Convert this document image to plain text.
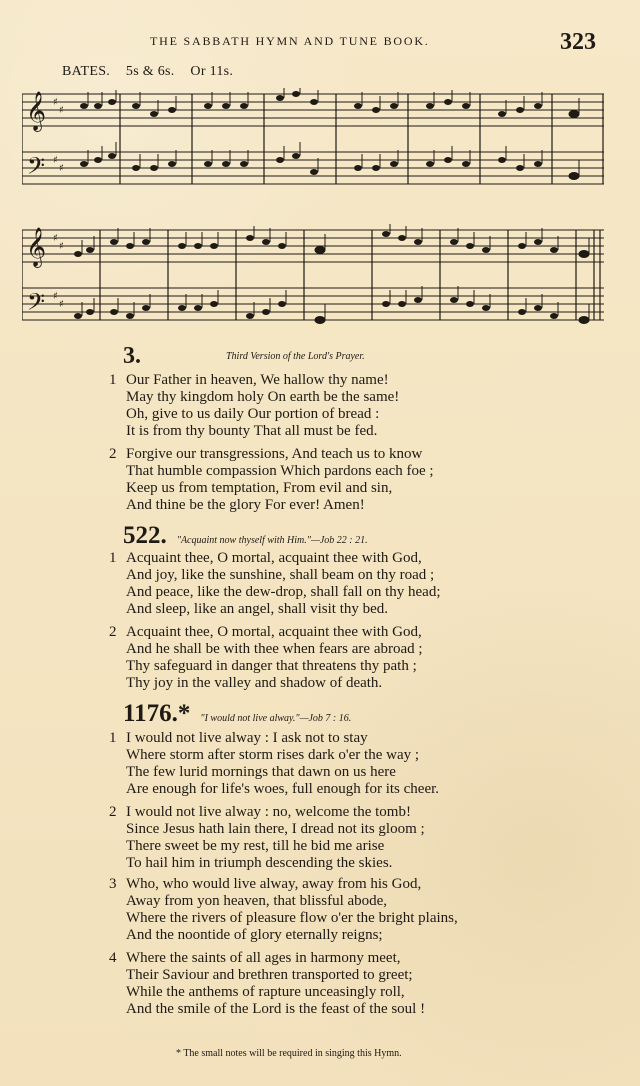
THE SABBATH HYMN AND TUNE BOOK.	323
BATES. 5s & 6s. Or 11s.
𝄞
𝄢
♯
♯
♯
♯
𝄞
𝄢
♯
♯
♯
♯
3.	Third Version of the Lord's Prayer.
1 Our Father in heaven, We hallow thy name!
May thy kingdom holy On earth be the same!
Oh, give to us daily Our portion of bread :
It is from thy bounty That all must be fed.
2 Forgive our transgressions, And teach us to know
That humble compassion Which pardons each foe ;
Keep us from temptation, From evil and sin,
And thine be the glory For ever! Amen!
522. "Acquaint now thyself with Him."—Job 22 : 21.
1 Acquaint thee, O mortal, acquaint thee with God,
And joy, like the sunshine, shall beam on thy road ;
And peace, like the dew-drop, shall fall on thy head;
And sleep, like an angel, shall visit thy bed.
2 Acquaint thee, O mortal, acquaint thee with God,
And he shall be with thee when fears are abroad ;
Thy safeguard in danger that threatens thy path ;
Thy joy in the valley and shadow of death.
1176.* "I would not live alway."—Job 7 : 16.
1 I would not live alway : I ask not to stay
Where storm after storm rises dark o'er the way ;
The few lurid mornings that dawn on us here
Are enough for life's woes, full enough for its cheer.
2 I would not live alway : no, welcome the tomb!
Since Jesus hath lain there, I dread not its gloom ;
There sweet be my rest, till he bid me arise
To hail him in triumph descending the skies.
3 Who, who would live alway, away from his God,
Away from yon heaven, that blissful abode,
Where the rivers of pleasure flow o'er the bright plains,
And the noontide of glory eternally reigns;
4 Where the saints of all ages in harmony meet,
Their Saviour and brethren transported to greet;
While the anthems of rapture unceasingly roll,
And the smile of the Lord is the feast of the soul !
* The small notes will be required in singing this Hymn.
